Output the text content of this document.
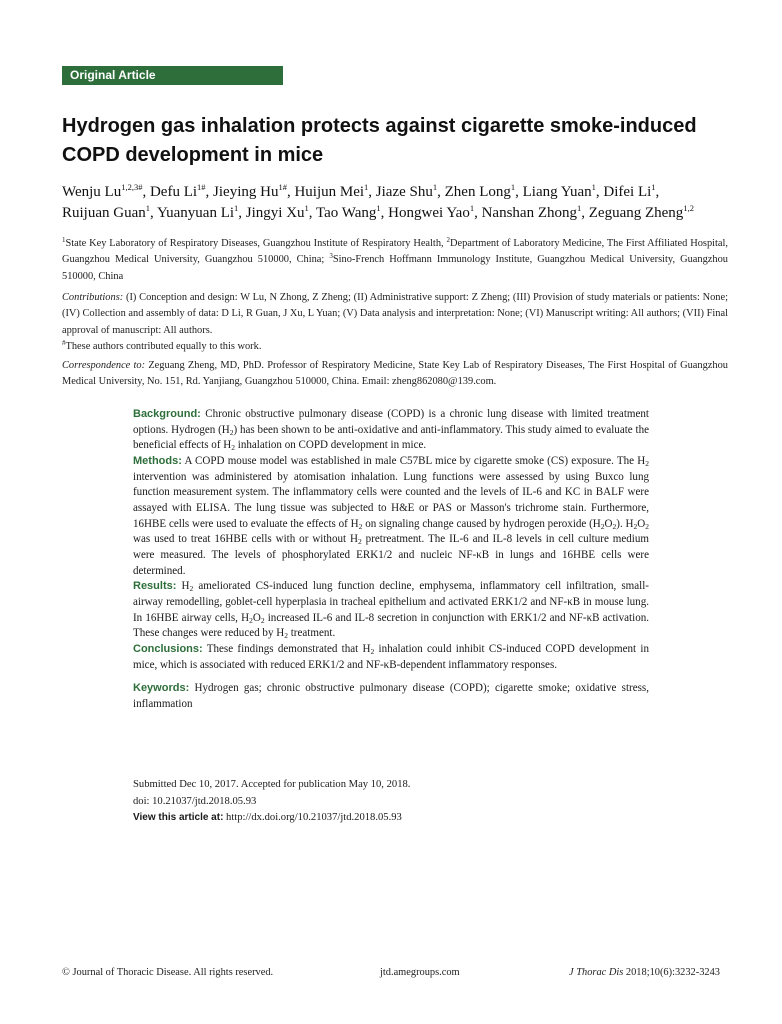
Original Article
Hydrogen gas inhalation protects against cigarette smoke-induced COPD development in mice
Wenju $Lu^{1,2,3\#}$, Defu $Li^{1\#}$, Jieying $Hu^{1\#}$, Huijun Mei$^1$, Jiaze Shu$^1$, Zhen Long$^1$, Liang Yuan$^1$, Difei Li$^1$, Ruijuan Guan$^1$, Yuanyuan Li$^1$, Jingyi Xu$^1$, Tao Wang$^1$, Hongwei Yao$^1$, Nanshan Zhong$^1$, Zeguang Zheng$^{1,2}$
$^1$State Key Laboratory of Respiratory Diseases, Guangzhou Institute of Respiratory Health, $^2$Department of Laboratory Medicine, The First Affiliated Hospital, Guangzhou Medical University, Guangzhou 510000, China; $^3$Sino-French Hoffmann Immunology Institute, Guangzhou Medical University, Guangzhou 510000, China
Contributions: (I) Conception and design: W Lu, N Zhong, Z Zheng; (II) Administrative support: Z Zheng; (III) Provision of study materials or patients: None; (IV) Collection and assembly of data: D Li, R Guan, J Xu, L Yuan; (V) Data analysis and interpretation: None; (VI) Manuscript writing: All authors; (VII) Final approval of manuscript: All authors.
#These authors contributed equally to this work.
Correspondence to: Zeguang Zheng, MD, PhD. Professor of Respiratory Medicine, State Key Lab of Respiratory Diseases, The First Hospital of Guangzhou Medical University, No. 151, Rd. Yanjiang, Guangzhou 510000, China. Email: zheng862080@139.com.

Background: Chronic obstructive pulmonary disease (COPD) is a chronic lung disease with limited treatment options. Hydrogen $(H_2)$ has been shown to be anti-oxidative and anti-inflammatory. This study aimed to evaluate the beneficial effects of $H_2$ inhalation on COPD development in mice.

Methods: A COPD mouse model was established in male C57BL mice by cigarette smoke (CS) exposure. The $H_2$ intervention was administered by atomisation inhalation. Lung functions were assessed by using Buxco lung function measurement system. The inflammatory cells were counted and the levels of IL-6 and KC in BALF were assayed with ELISA. The lung tissue was subjected to H&E or PAS or Masson's trichrome stain. Furthermore, 16HBE cells were used to evaluate the effects of $H_2$ on signaling change caused by hydrogen peroxide $(H_2O_2)$. $H_2O_2$ was used to treat 16HBE cells with or without $H_2$ pretreatment. The IL-6 and IL-8 levels in cell culture medium were measured. The levels of phosphorylated ERK1/2 and nucleic NF-κB in lungs and 16HBE cells were determined.

Results: $H_2$ ameliorated CS-induced lung function decline, emphysema, inflammatory cell infiltration, small-airway remodelling, goblet-cell hyperplasia in tracheal epithelium and activated ERK1/2 and NF-κB in mouse lung. In 16HBE airway cells, $H_2O_2$ increased IL-6 and IL-8 secretion in conjunction with ERK1/2 and NF-κB activation. These changes were reduced by $H_2$ treatment.

Conclusions: These findings demonstrated that $H_2$ inhalation could inhibit CS-induced COPD development in mice, which is associated with reduced ERK1/2 and NF-κB-dependent inflammatory responses.

Keywords: Hydrogen gas; chronic obstructive pulmonary disease (COPD); cigarette smoke; oxidative stress, inflammation

Submitted Dec 10, 2017. Accepted for publication May 10, 2018.
doi: 10.21037/jtd.2018.05.93
View this article at: http://dx.doi.org/10.21037/jtd.2018.05.93
© Journal of Thoracic Disease. All rights reserved.	jtd.amegroups.com	J Thorac Dis 2018;10(6):3232-3243
